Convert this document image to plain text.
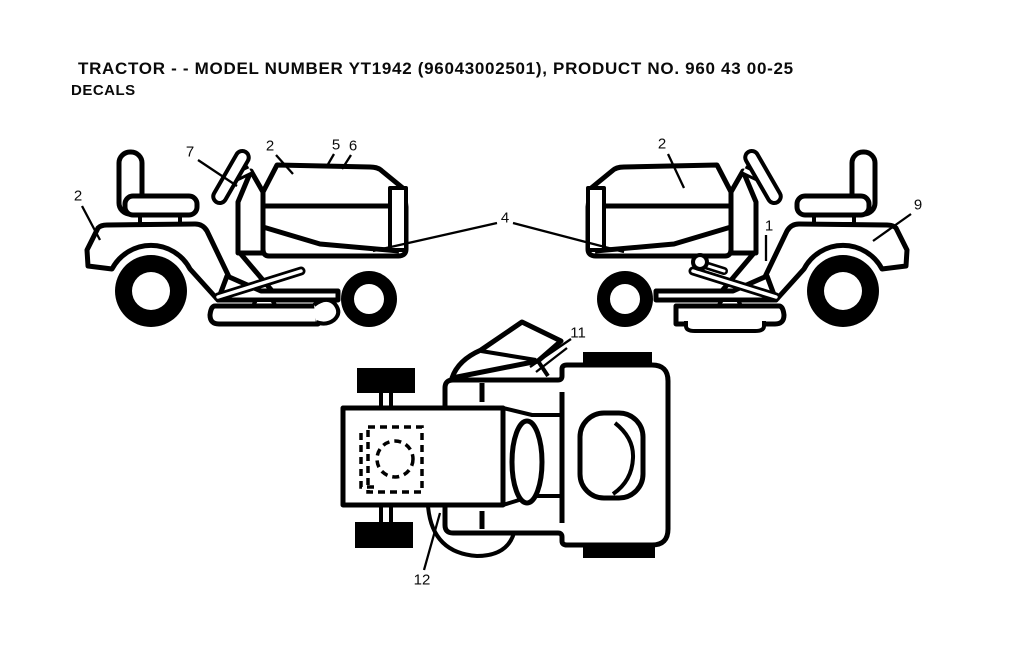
TRACTOR - - MODEL NUMBER YT1942 (96043002501), PRODUCT NO. 960 43 00-25
DECALS
7	2	5 6
2
4
2
1
9
11
12
